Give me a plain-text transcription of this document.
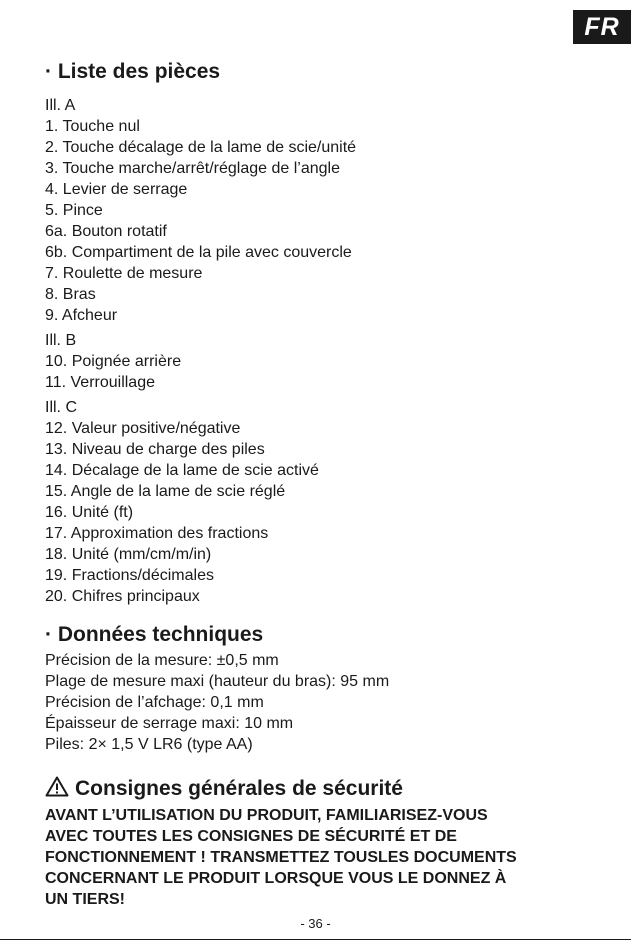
FR
· Liste des pièces
Ill. A
1. Touche nul
2. Touche décalage de la lame de scie/unité
3. Touche marche/arrêt/réglage de l’angle
4. Levier de serrage
5. Pince
6a. Bouton rotatif
6b. Compartiment de la pile avec couvercle
7. Roulette de mesure
8. Bras
9. Afcheur
Ill. B
10. Poignée arrière
11. Verrouillage
Ill. C
12. Valeur positive/négative
13. Niveau de charge des piles
14. Décalage de la lame de scie activé
15. Angle de la lame de scie réglé
16. Unité (ft)
17. Approximation des fractions
18. Unité (mm/cm/m/in)
19. Fractions/décimales
20. Chifres principaux
· Données techniques
Précision de la mesure: ±0,5 mm
Plage de mesure maxi (hauteur du bras): 95 mm
Précision de l’afchage: 0,1 mm
Épaisseur de serrage maxi: 10 mm
Piles: 2× 1,5 V LR6 (type AA)
Consignes générales de sécurité
AVANT L’UTILISATION DU PRODUIT, FAMILIARISEZ-VOUS
AVEC TOUTES LES CONSIGNES DE SÉCURITÉ ET DE
FONCTIONNEMENT ! TRANSMETTEZ TOUSLES DOCUMENTS
CONCERNANT LE PRODUIT LORSQUE VOUS LE DONNEZ À
UN TIERS!
- 36 -
